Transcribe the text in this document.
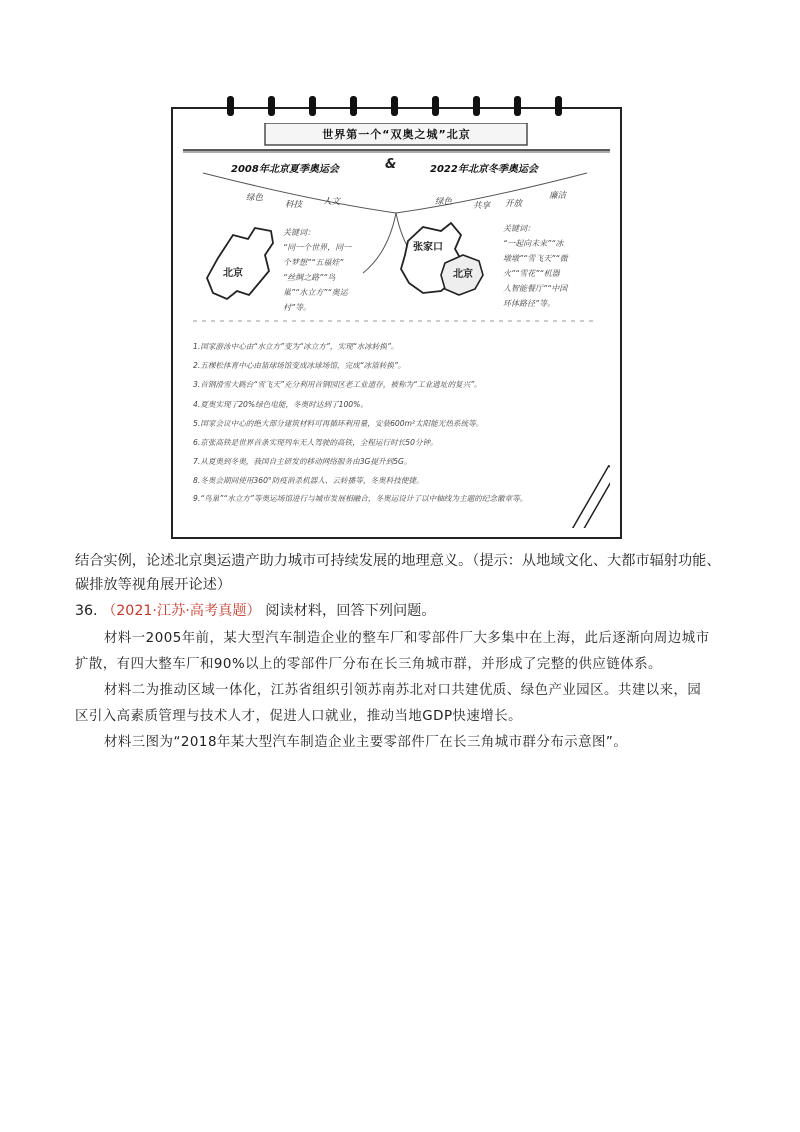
世界第一个“双奥之城”北京
2008年北京夏季奥运会	&	2022年北京冬季奥运会
绿色
科技 人文	绿色 共享 开放
廉洁
北京
张家口
北京
关键词：
“同一个世界，同一
个梦想”“五福娃”
“丝绸之路”“鸟
巢”“水立方”“奥运
村”等。
关键词：
“一起向未来”“冰
墩墩”“雪飞天”“微
火”“雪花”“机器
人智能餐厅”“中国
环体路径”等。
1.国家游泳中心由“水立方”变为“冰立方”，实现“水冰转换”。
2.五棵松体育中心由篮球场馆变成冰球场馆，完成“冰篮转换”。
3.首钢滑雪大跳台“雪飞天”充分利用首钢园区老工业遗存，被称为“工业遗址的复兴”。
4.夏奥实现了20%绿色电能，冬奥时达到了100%。
5.国家会议中心的绝大部分建筑材料可再循环利用量，安装600m²太阳能光热系统等。
6.京张高铁是世界首条实现列车无人驾驶的高铁，全程运行时长50分钟。
7.从夏奥到冬奥，我国自主研发的移动网络服务由3G提升到5G。
8.冬奥会期间使用360°防疫消杀机器人、云转播等，冬奥科技便捷。
9.“鸟巢”“水立方”等奥运场馆进行与城市发展相融合，冬奥运设计了以中轴线为主题的纪念徽章等。
结合实例，论述北京奥运遗产助力城市可持续发展的地理意义。（提示：从地域文化、大都市辐射功能、
碳排放等视角展开论述）
36. （2021·江苏·高考真题） 阅读材料，回答下列问题。
材料一2005年前，某大型汽车制造企业的整车厂和零部件厂大多集中在上海，此后逐渐向周边城市
扩散，有四大整车厂和90%以上的零部件厂分布在长三角城市群，并形成了完整的供应链体系。
材料二为推动区域一体化，江苏省组织引领苏南苏北对口共建优质、绿色产业园区。共建以来，园
区引入高素质管理与技术人才，促进人口就业，推动当地GDP快速增长。
材料三图为“2018年某大型汽车制造企业主要零部件厂在长三角城市群分布示意图”。
